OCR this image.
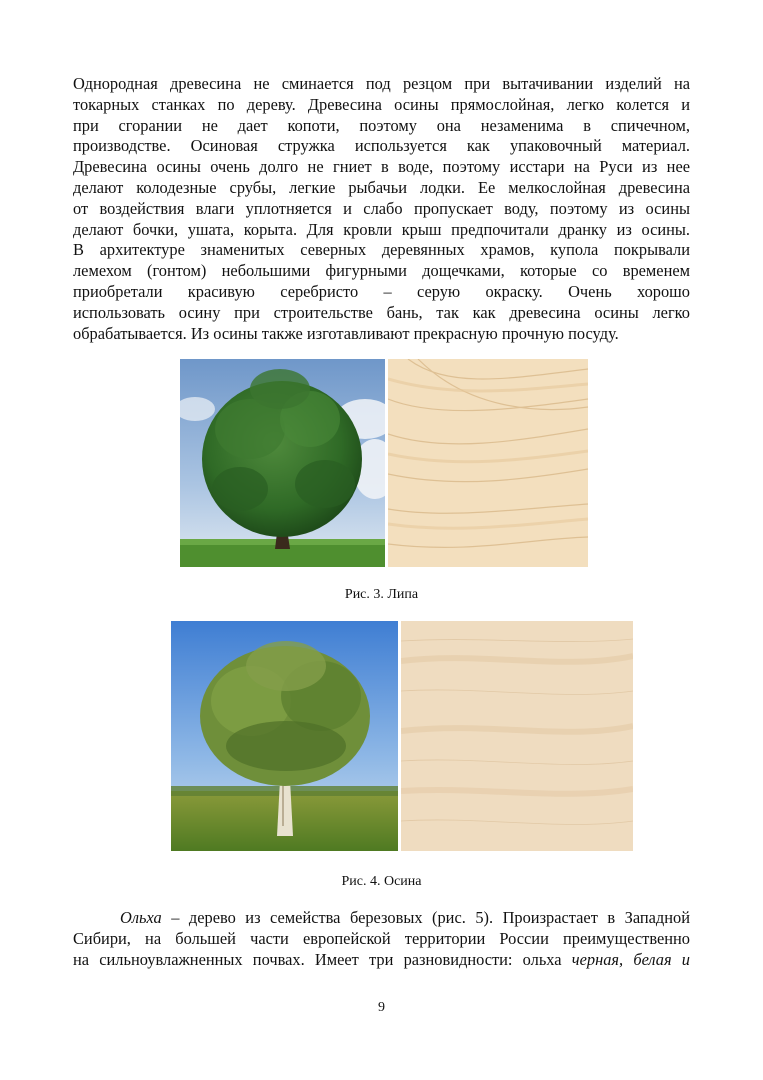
Однородная древесина не сминается под резцом при вытачивании изделий на
токарных станках по дереву. Древесина осины прямослойная, легко колется и
при сгорании не дает копоти, поэтому она незаменима в спичечном,
производстве. Осиновая стружка используется как упаковочный материал.
Древесина осины очень долго не гниет в воде, поэтому исстари на Руси из нее
делают колодезные срубы, легкие рыбачьи лодки. Ее мелкослойная древесина
от воздействия влаги уплотняется и слабо пропускает воду, поэтому из осины
делают бочки, ушата, корыта. Для кровли крыш предпочитали дранку из осины.
В архитектуре знаменитых северных деревянных храмов, купола покрывали
лемехом (гонтом) небольшими фигурными дощечками, которые со временем
приобретали красивую серебристо – серую окраску. Очень хорошо
использовать осину при строительстве бань, так как древесина осины легко
обрабатывается. Из осины также изготавливают прекрасную прочную посуду.

Рис. 3. Липа
Рис. 4. Осина

Ольха – дерево из семейства березовых (рис. 5). Произрастает в Западной
Сибири, на большей части европейской территории России преимущественно
на сильноувлажненных почвах. Имеет три разновидности: ольха черная, белая и

9
